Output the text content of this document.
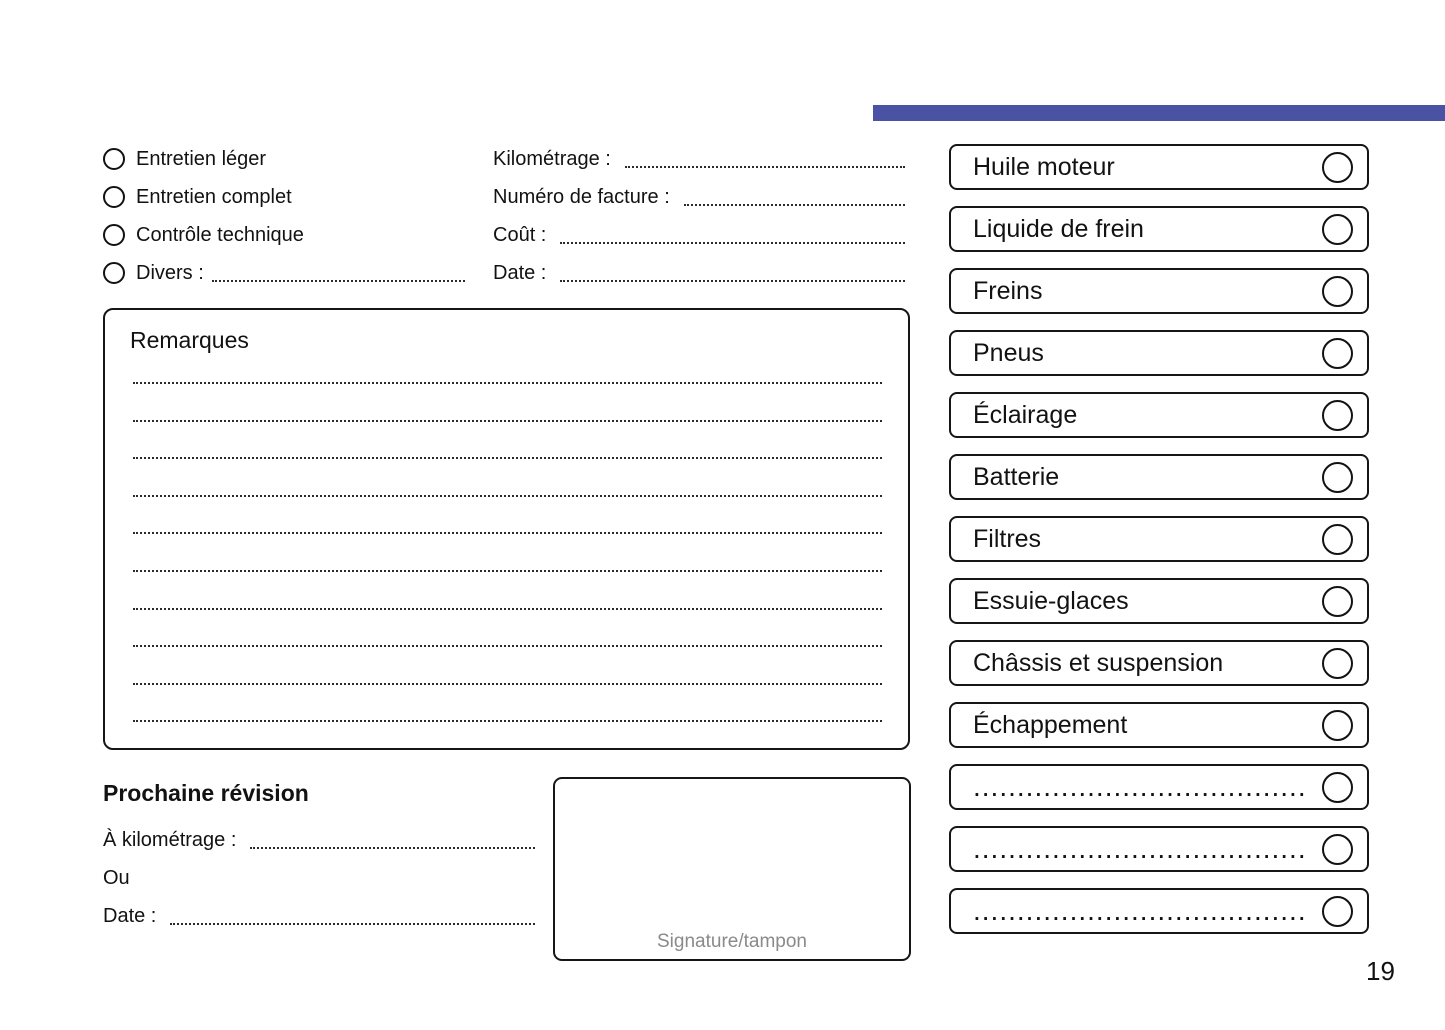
Entretien léger
Entretien complet
Contrôle technique
Divers :
Kilométrage :
Numéro de facture :
Coût :
Date :
Remarques
Prochaine révision
À kilométrage :
Ou
Date :
Signature/tampon
Huile moteur
Liquide de frein
Freins
Pneus
Éclairage
Batterie
Filtres
Essuie-glaces
Châssis et suspension
Échappement
......................................
......................................
......................................
19
